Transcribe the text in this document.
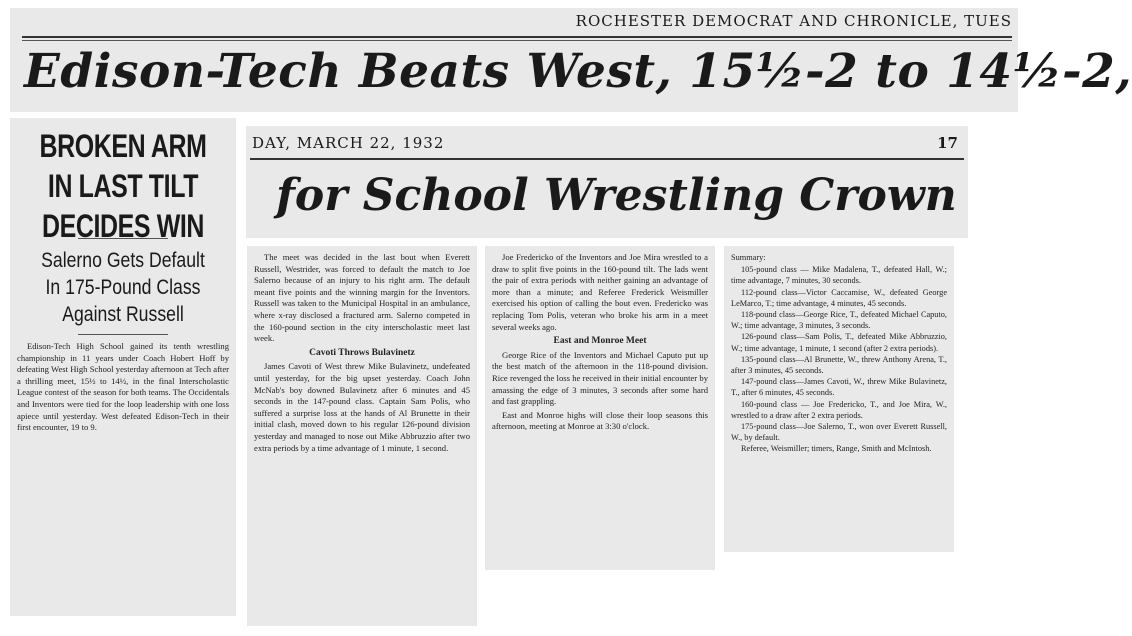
ROCHESTER DEMOCRAT AND CHRONICLE, TUES
Edison-Tech Beats West, 15½-2 to 14½-2,
BROKEN ARM
IN LAST TILT
DECIDES WIN
Salerno Gets Default
In 175-Pound Class
Against Russell

Edison-Tech High School gained its tenth wrestling championship in 11 years under Coach Hobert Hoff by defeating West High School yesterday afternoon at Tech after a thrilling meet, 15½ to 14½, in the final Interscholastic League contest of the season for both teams. The Occidentals and Inventors were tied for the loop leadership with one loss apiece until yesterday. West defeated Edison-Tech in their first encounter, 19 to 9.

DAY, MARCH 22, 1932	17
for School Wrestling Crown

The meet was decided in the last bout when Everett Russell, Westrider, was forced to default the match to Joe Salerno because of an injury to his right arm. The default meant five points and the winning margin for the Inventors. Russell was taken to the Municipal Hospital in an ambulance, where x-ray disclosed a fractured arm. Salerno competed in the 160-pound section in the city interscholastic meet last week.

Cavoti Throws Bulavinetz

James Cavoti of West threw Mike Bulavinetz, undefeated until yesterday, for the big upset yesterday. Coach John McNab's boy downed Bulavinetz after 6 minutes and 45 seconds in the 147-pound class. Captain Sam Polis, who suffered a surprise loss at the hands of Al Brunette in their initial clash, moved down to his regular 126-pound division yesterday and managed to nose out Mike Abbruzzio after two extra periods by a time advantage of 1 minute, 1 second.

Joe Fredericko of the Inventors and Joe Mira wrestled to a draw to split five points in the 160-pound tilt. The lads went the pair of extra periods with neither gaining an advantage of more than a minute; and Referee Frederick Weismiller exercised his option of calling the bout even. Fredericko was replacing Tom Polis, veteran who broke his arm in a meet several weeks ago.

East and Monroe Meet

George Rice of the Inventors and Michael Caputo put up the best match of the afternoon in the 118-pound division. Rice revenged the loss he received in their initial encounter by amassing the edge of 3 minutes, 3 seconds after some hard and fast grappling.

East and Monroe highs will close their loop seasons this afternoon, meeting at Monroe at 3:30 o'clock.

Summary:

105-pound class — Mike Madalena, T., defeated Hall, W.; time advantage, 7 minutes, 30 seconds.

112-pound class—Victor Caccamise, W., defeated George LeMarco, T.; time advantage, 4 minutes, 45 seconds.

118-pound class—George Rice, T., defeated Michael Caputo, W.; time advantage, 3 minutes, 3 seconds.

126-pound class—Sam Polis, T., defeated Mike Abbruzzio, W.; time advantage, 1 minute, 1 second (after 2 extra periods).

135-pound class—Al Brunette, W., threw Anthony Arena, T., after 3 minutes, 45 seconds.

147-pound class—James Cavoti, W., threw Mike Bulavinetz, T., after 6 minutes, 45 seconds.

160-pound class — Joe Fredericko, T., and Joe Mira, W., wrestled to a draw after 2 extra periods.

175-pound class—Joe Salerno, T., won over Everett Russell, W., by default.

Referee, Weismiller; timers, Range, Smith and McIntosh.
